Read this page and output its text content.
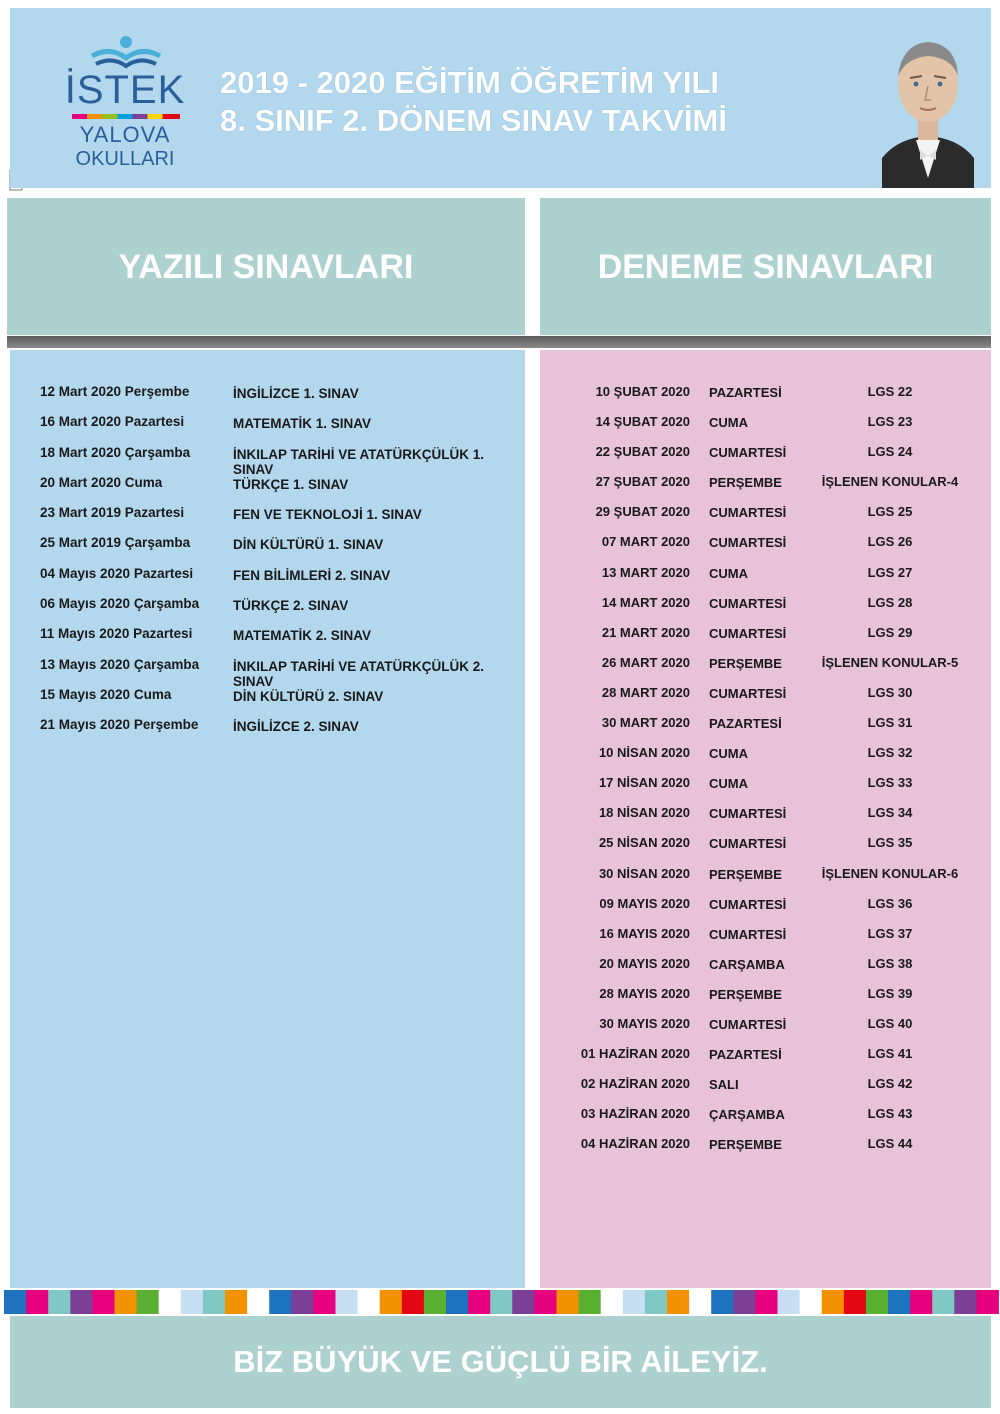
İSTEK
YALOVA
OKULLARI
2019 - 2020 EĞİTİM ÖĞRETİM YILI
8. SINIF 2. DÖNEM SINAV TAKVİMİ
YAZILI SINAVLARI	DENEME SINAVLARI
12 Mart 2020 Perşembe	İNGİLİZCE 1. SINAV
16 Mart 2020 Pazartesi	MATEMATİK 1. SINAV
18 Mart 2020 Çarşamba	İNKILAP TARİHİ VE ATATÜRKÇÜLÜK 1. SINAV
20 Mart 2020 Cuma	TÜRKÇE 1. SINAV
23 Mart 2019 Pazartesi	FEN VE TEKNOLOJİ 1. SINAV
25 Mart 2019 Çarşamba	DİN KÜLTÜRÜ 1. SINAV
04 Mayıs 2020 Pazartesi	FEN BİLİMLERİ 2. SINAV
06 Mayıs 2020 Çarşamba	TÜRKÇE 2. SINAV
11 Mayıs 2020 Pazartesi	MATEMATİK 2. SINAV
13 Mayıs 2020 Çarşamba	İNKILAP TARİHİ VE ATATÜRKÇÜLÜK 2. SINAV
15 Mayıs 2020 Cuma	DİN KÜLTÜRÜ 2. SINAV
21 Mayıs 2020 Perşembe	İNGİLİZCE 2. SINAV
10 ŞUBAT 2020 PAZARTESİ	LGS 22
14 ŞUBAT 2020 CUMA	LGS 23
22 ŞUBAT 2020 CUMARTESİ	LGS 24
27 ŞUBAT 2020 PERŞEMBE	İŞLENEN KONULAR-4
29 ŞUBAT 2020 CUMARTESİ	LGS 25
07 MART 2020 CUMARTESİ	LGS 26
13 MART 2020 CUMA	LGS 27
14 MART 2020 CUMARTESİ	LGS 28
21 MART 2020 CUMARTESİ	LGS 29
26 MART 2020 PERŞEMBE	İŞLENEN KONULAR-5
28 MART 2020 CUMARTESİ	LGS 30
30 MART 2020 PAZARTESİ	LGS 31
10 NİSAN 2020 CUMA	LGS 32
17 NİSAN 2020 CUMA	LGS 33
18 NİSAN 2020 CUMARTESİ	LGS 34
25 NİSAN 2020 CUMARTESİ	LGS 35
30 NİSAN 2020 PERŞEMBE	İŞLENEN KONULAR-6
09 MAYIS 2020 CUMARTESİ	LGS 36
16 MAYIS 2020 CUMARTESİ	LGS 37
20 MAYIS 2020 CARŞAMBA	LGS 38
28 MAYIS 2020 PERŞEMBE	LGS 39
30 MAYIS 2020 CUMARTESİ	LGS 40
01 HAZİRAN 2020 PAZARTESİ	LGS 41
02 HAZİRAN 2020 SALI	LGS 42
03 HAZİRAN 2020 ÇARŞAMBA	LGS 43
04 HAZİRAN 2020 PERŞEMBE	LGS 44
BİZ BÜYÜK VE GÜÇLÜ BİR AİLEYİZ.
